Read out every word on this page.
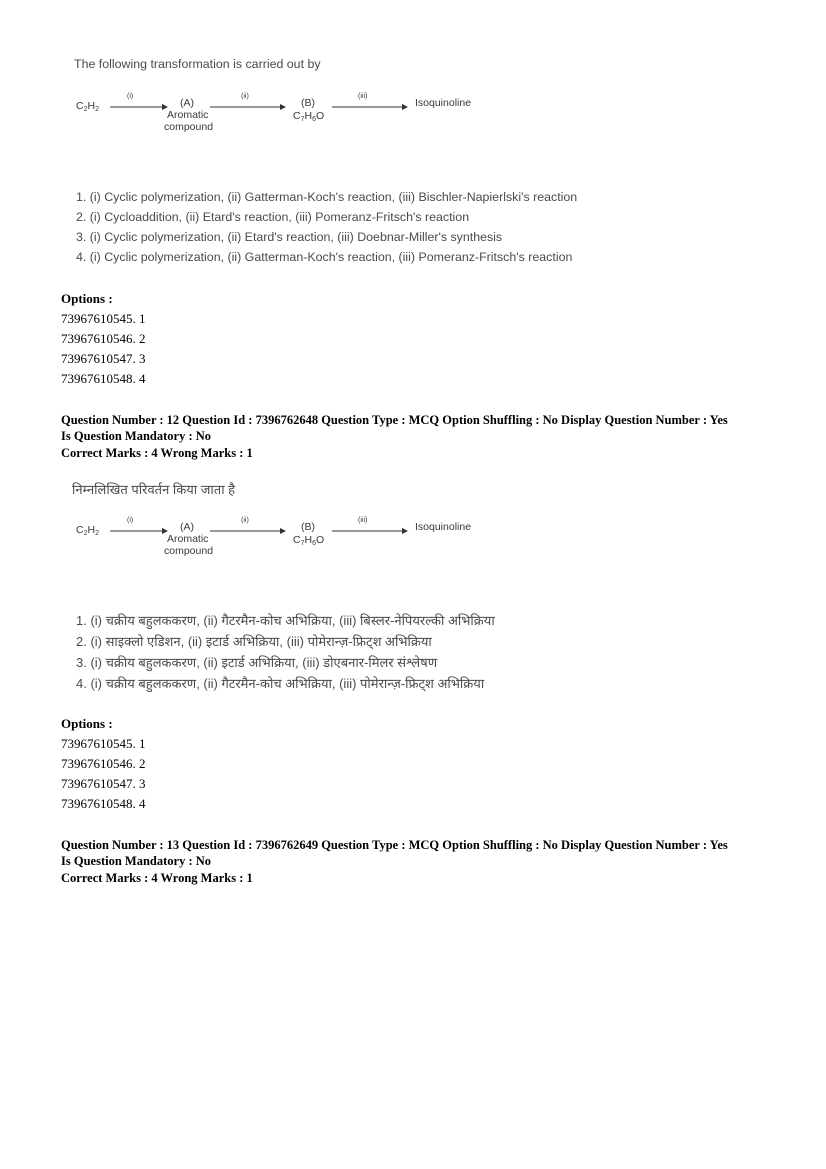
The following transformation is carried out by
$C_2H_2$
(i)
(A)
Aromatic
compound
(ii)
(B)
$C_7H_6O$
(iii)
Isoquinoline
1. (i) Cyclic polymerization, (ii) Gatterman-Koch's reaction, (iii) Bischler-Napierlski's reaction
2. (i) Cycloaddition, (ii) Etard's reaction, (iii) Pomeranz-Fritsch's reaction
3. (i) Cyclic polymerization, (ii) Etard's reaction, (iii) Doebnar-Miller's synthesis
4. (i) Cyclic polymerization, (ii) Gatterman-Koch's reaction, (iii) Pomeranz-Fritsch's reaction
Options :
73967610545. 1
73967610546. 2
73967610547. 3
73967610548. 4
Question Number : 12 Question Id : 7396762648 Question Type : MCQ Option Shuffling : No Display Question Number : Yes
Is Question Mandatory : No
Correct Marks : 4 Wrong Marks : 1
निम्नलिखित परिवर्तन किया जाता है
$C_2H_2$
(i)
(A)
Aromatic
compound
(ii)
(B)
$C_7H_6O$
(iii)
Isoquinoline
1. (i) चक्रीय बहुलककरण, (ii) गैटरमैन-कोच अभिक्रिया, (iii) बिस्लर-नेपियरल्की अभिक्रिया
2. (i) साइक्लो एडिशन, (ii) इटार्ड अभिक्रिया, (iii) पोमेरान्ज़-फ्रिट्श अभिक्रिया
3. (i) चक्रीय बहुलककरण, (ii) इटार्ड अभिक्रिया, (iii) डोएबनार-मिलर संश्लेषण
4. (i) चक्रीय बहुलककरण, (ii) गैटरमैन-कोच अभिक्रिया, (iii) पोमेरान्ज़-फ्रिट्श अभिक्रिया
Options :
73967610545. 1
73967610546. 2
73967610547. 3
73967610548. 4
Question Number : 13 Question Id : 7396762649 Question Type : MCQ Option Shuffling : No Display Question Number : Yes
Is Question Mandatory : No
Correct Marks : 4 Wrong Marks : 1
